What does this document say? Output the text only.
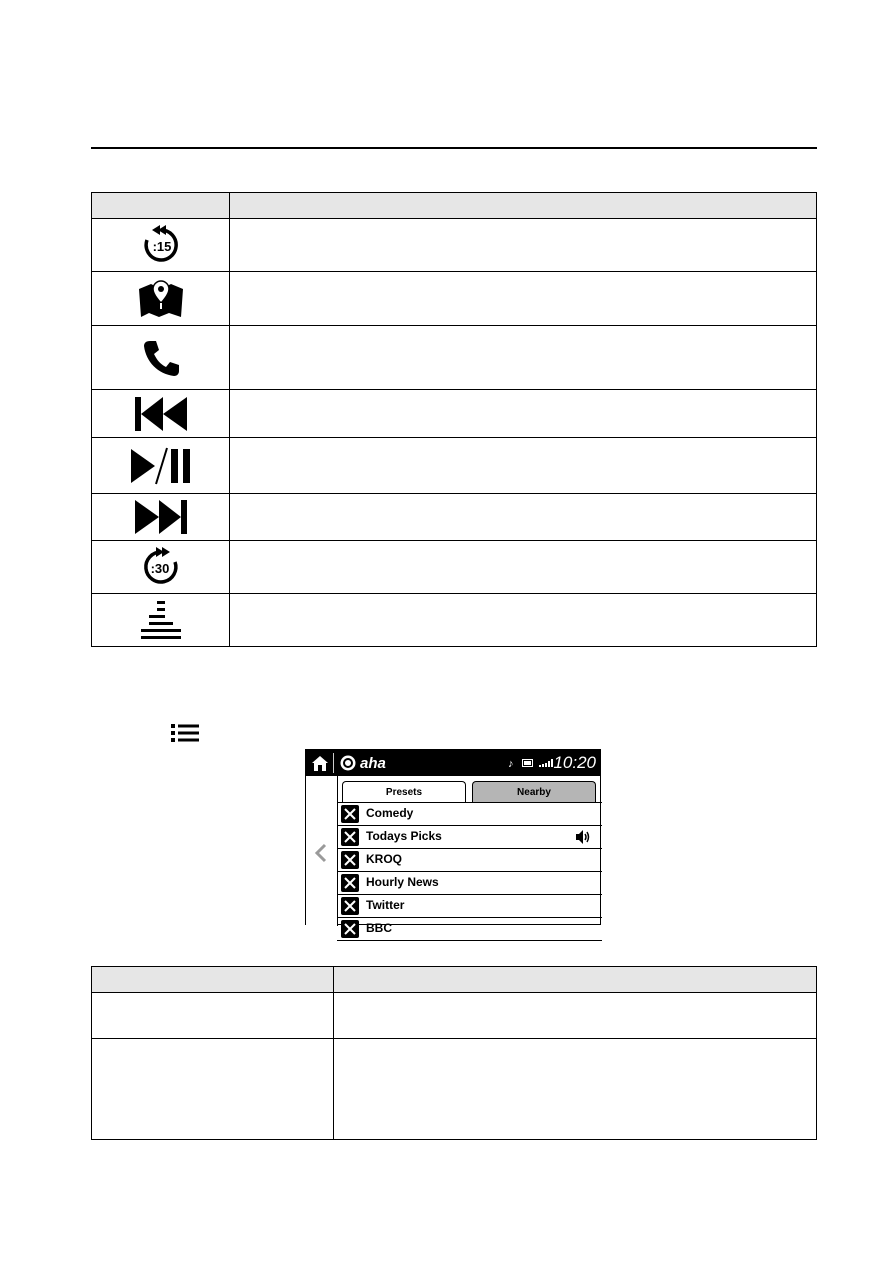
:15	

:30	

aha	♪	10:20
Presets	Nearby
Comedy
Todays Picks
KROQ
Hourly News
Twitter
BBC
